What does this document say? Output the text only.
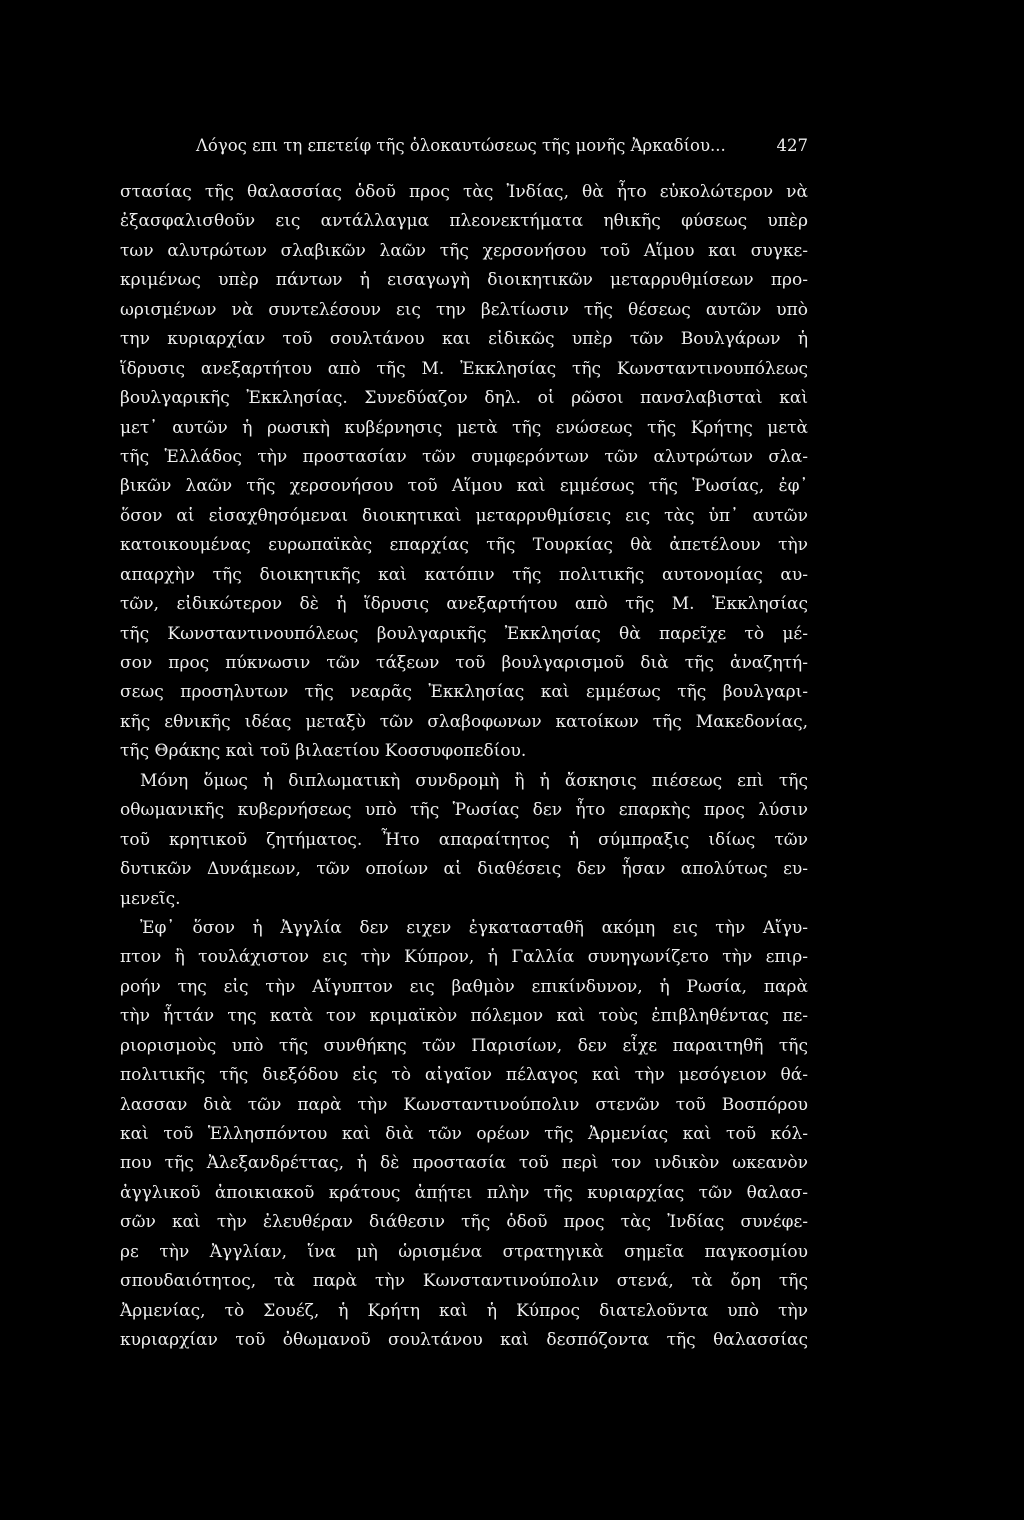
Λόγος επι τη επετείφ τῆς ὁλοκαυτώσεως τῆς μονῆς Ἀρκαδίου...	427
στασίας τῆς θαλασσίας ὁδοῦ προς τὰς Ἰνδίας, θὰ ἦτο εὐκολώτερον νὰ
ἐξασφαλισθοῦν εις αντάλλαγμα πλεονεκτήματα ηθικῆς φύσεως υπὲρ
των αλυτρώτων σλαβικῶν λαῶν τῆς χερσονήσου τοῦ Αἵμου και συγκε-
κριμένως υπὲρ πάντων ἡ εισαγωγὴ διοικητικῶν μεταρρυθμίσεων προ-
ωρισμένων νὰ συντελέσουν εις την βελτίωσιν τῆς θέσεως αυτῶν υπὸ
την κυριαρχίαν τοῦ σουλτάνου και εἰδικῶς υπὲρ τῶν Βουλγάρων ἡ
ἵδρυσις ανεξαρτήτου απὸ τῆς Μ. Ἐκκλησίας τῆς Κωνσταντινουπόλεως
βουλγαρικῆς Ἐκκλησίας. Συνεδύαζον δηλ. οἱ ρῶσοι πανσλαβισταὶ καὶ
μετ᾽ αυτῶν ἡ ρωσικὴ κυβέρνησις μετὰ τῆς ενώσεως τῆς Κρήτης μετὰ
τῆς Ἑλλάδος τὴν προστασίαν τῶν συμφερόντων τῶν αλυτρώτων σλα-
βικῶν λαῶν τῆς χερσονήσου τοῦ Αἵμου καὶ εμμέσως τῆς Ῥωσίας, ἐφ᾽
ὅσον αἱ εἰσαχθησόμεναι διοικητικαὶ μεταρρυθμίσεις εις τὰς ὑπ᾽ αυτῶν
κατοικουμένας ευρωπαϊκὰς επαρχίας τῆς Τουρκίας θὰ ἀπετέλουν τὴν
απαρχὴν τῆς διοικητικῆς καὶ κατόπιν τῆς πολιτικῆς αυτονομίας αυ-
τῶν, εἰδικώτερον δὲ ἡ ἵδρυσις ανεξαρτήτου απὸ τῆς Μ. Ἐκκλησίας
τῆς Κωνσταντινουπόλεως βουλγαρικῆς Ἐκκλησίας θὰ παρεῖχε τὸ μέ-
σον προς πύκνωσιν τῶν τάξεων τοῦ βουλγαρισμοῦ διὰ τῆς ἀναζητή-
σεως προσηλυτων τῆς νεαρᾶς Ἐκκλησίας καὶ εμμέσως τῆς βουλγαρι-
κῆς εθνικῆς ιδέας μεταξὺ τῶν σλαβοφωνων κατοίκων τῆς Μακεδονίας,
τῆς Θράκης καὶ τοῦ βιλαετίου Κοσσυφοπεδίου.
Μόνη ὅμως ἡ διπλωματικὴ συνδρομὴ ἢ ἡ ἄσκησις πιέσεως επὶ τῆς
οθωμανικῆς κυβερνήσεως υπὸ τῆς Ῥωσίας δεν ἦτο επαρκὴς προς λύσιν
τοῦ κρητικοῦ ζητήματος. Ἦτο απαραίτητος ἡ σύμπραξις ιδίως τῶν
δυτικῶν Δυνάμεων, τῶν οποίων αἱ διαθέσεις δεν ἦσαν απολύτως ευ-
μενεῖς.
Ἐφ᾽ ὅσον ἡ Ἀγγλία δεν ειχεν ἐγκατασταθῆ ακόμη εις τὴν Αἴγυ-
πτον ἢ τουλάχιστον εις τὴν Κύπρον, ἡ Γαλλία συνηγωνίζετο τὴν επιρ-
ροήν της εἰς τὴν Αἴγυπτον εις βαθμὸν επικίνδυνον, ἡ Ρωσία, παρὰ
τὴν ἧττάν της κατὰ τον κριμαϊκὸν πόλεμον καὶ τοὺς ἐπιβληθέντας πε-
ριορισμοὺς υπὸ τῆς συνθήκης τῶν Παρισίων, δεν εἶχε παραιτηθῆ τῆς
πολιτικῆς τῆς διεξόδου εἰς τὸ αἰγαῖον πέλαγος καὶ τὴν μεσόγειον θά-
λασσαν διὰ τῶν παρὰ τὴν Κωνσταντινούπολιν στενῶν τοῦ Βοσπόρου
καὶ τοῦ Ἑλλησπόντου καὶ διὰ τῶν ορέων τῆς Ἀρμενίας καὶ τοῦ κόλ-
που τῆς Ἀλεξανδρέττας, ἡ δὲ προστασία τοῦ περὶ τον ινδικὸν ωκεανὸν
ἀγγλικοῦ ἀποικιακοῦ κράτους ἀπῄτει πλὴν τῆς κυριαρχίας τῶν θαλασ-
σῶν καὶ τὴν ἐλευθέραν διάθεσιν τῆς ὁδοῦ προς τὰς Ἰνδίας συνέφε-
ρε τὴν Ἀγγλίαν, ἵνα μὴ ὡρισμένα στρατηγικὰ σημεῖα παγκοσμίου
σπουδαιότητος, τὰ παρὰ τὴν Κωνσταντινούπολιν στενά, τὰ ὄρη τῆς
Ἀρμενίας, τὸ Σουέζ, ἡ Κρήτη καὶ ἡ Κύπρος διατελοῦντα υπὸ τὴν
κυριαρχίαν τοῦ ὀθωμανοῦ σουλτάνου καὶ δεσπόζοντα τῆς θαλασσίας
